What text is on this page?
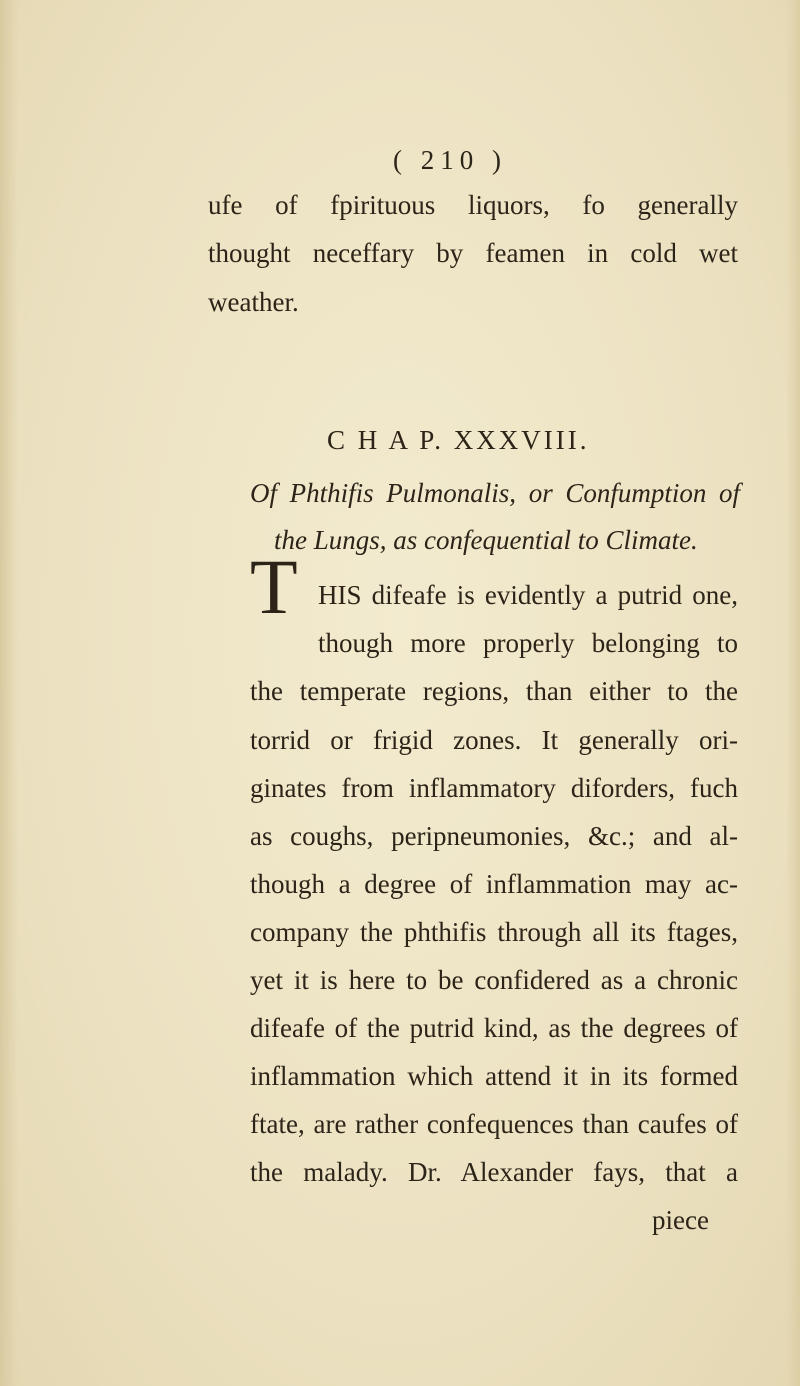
( 210 )
ufe of fpirituous liquors, fo generally
thought neceffary by feamen in cold wet
weather.
C H A P. XXXVIII.
Of Phthifis Pulmonalis, or Confumption of
the Lungs, as confequential to Climate.
T HIS difeafe is evidently a putrid one,
though more properly belonging to
the temperate regions, than either to the
torrid or frigid zones. It generally ori-
ginates from inflammatory diforders, fuch
as coughs, peripneumonies, &c.; and al-
though a degree of inflammation may ac-
company the phthifis through all its ftages,
yet it is here to be confidered as a chronic
difeafe of the putrid kind, as the degrees of
inflammation which attend it in its formed
ftate, are rather confequences than caufes of
the malady. Dr. Alexander fays, that a
piece
